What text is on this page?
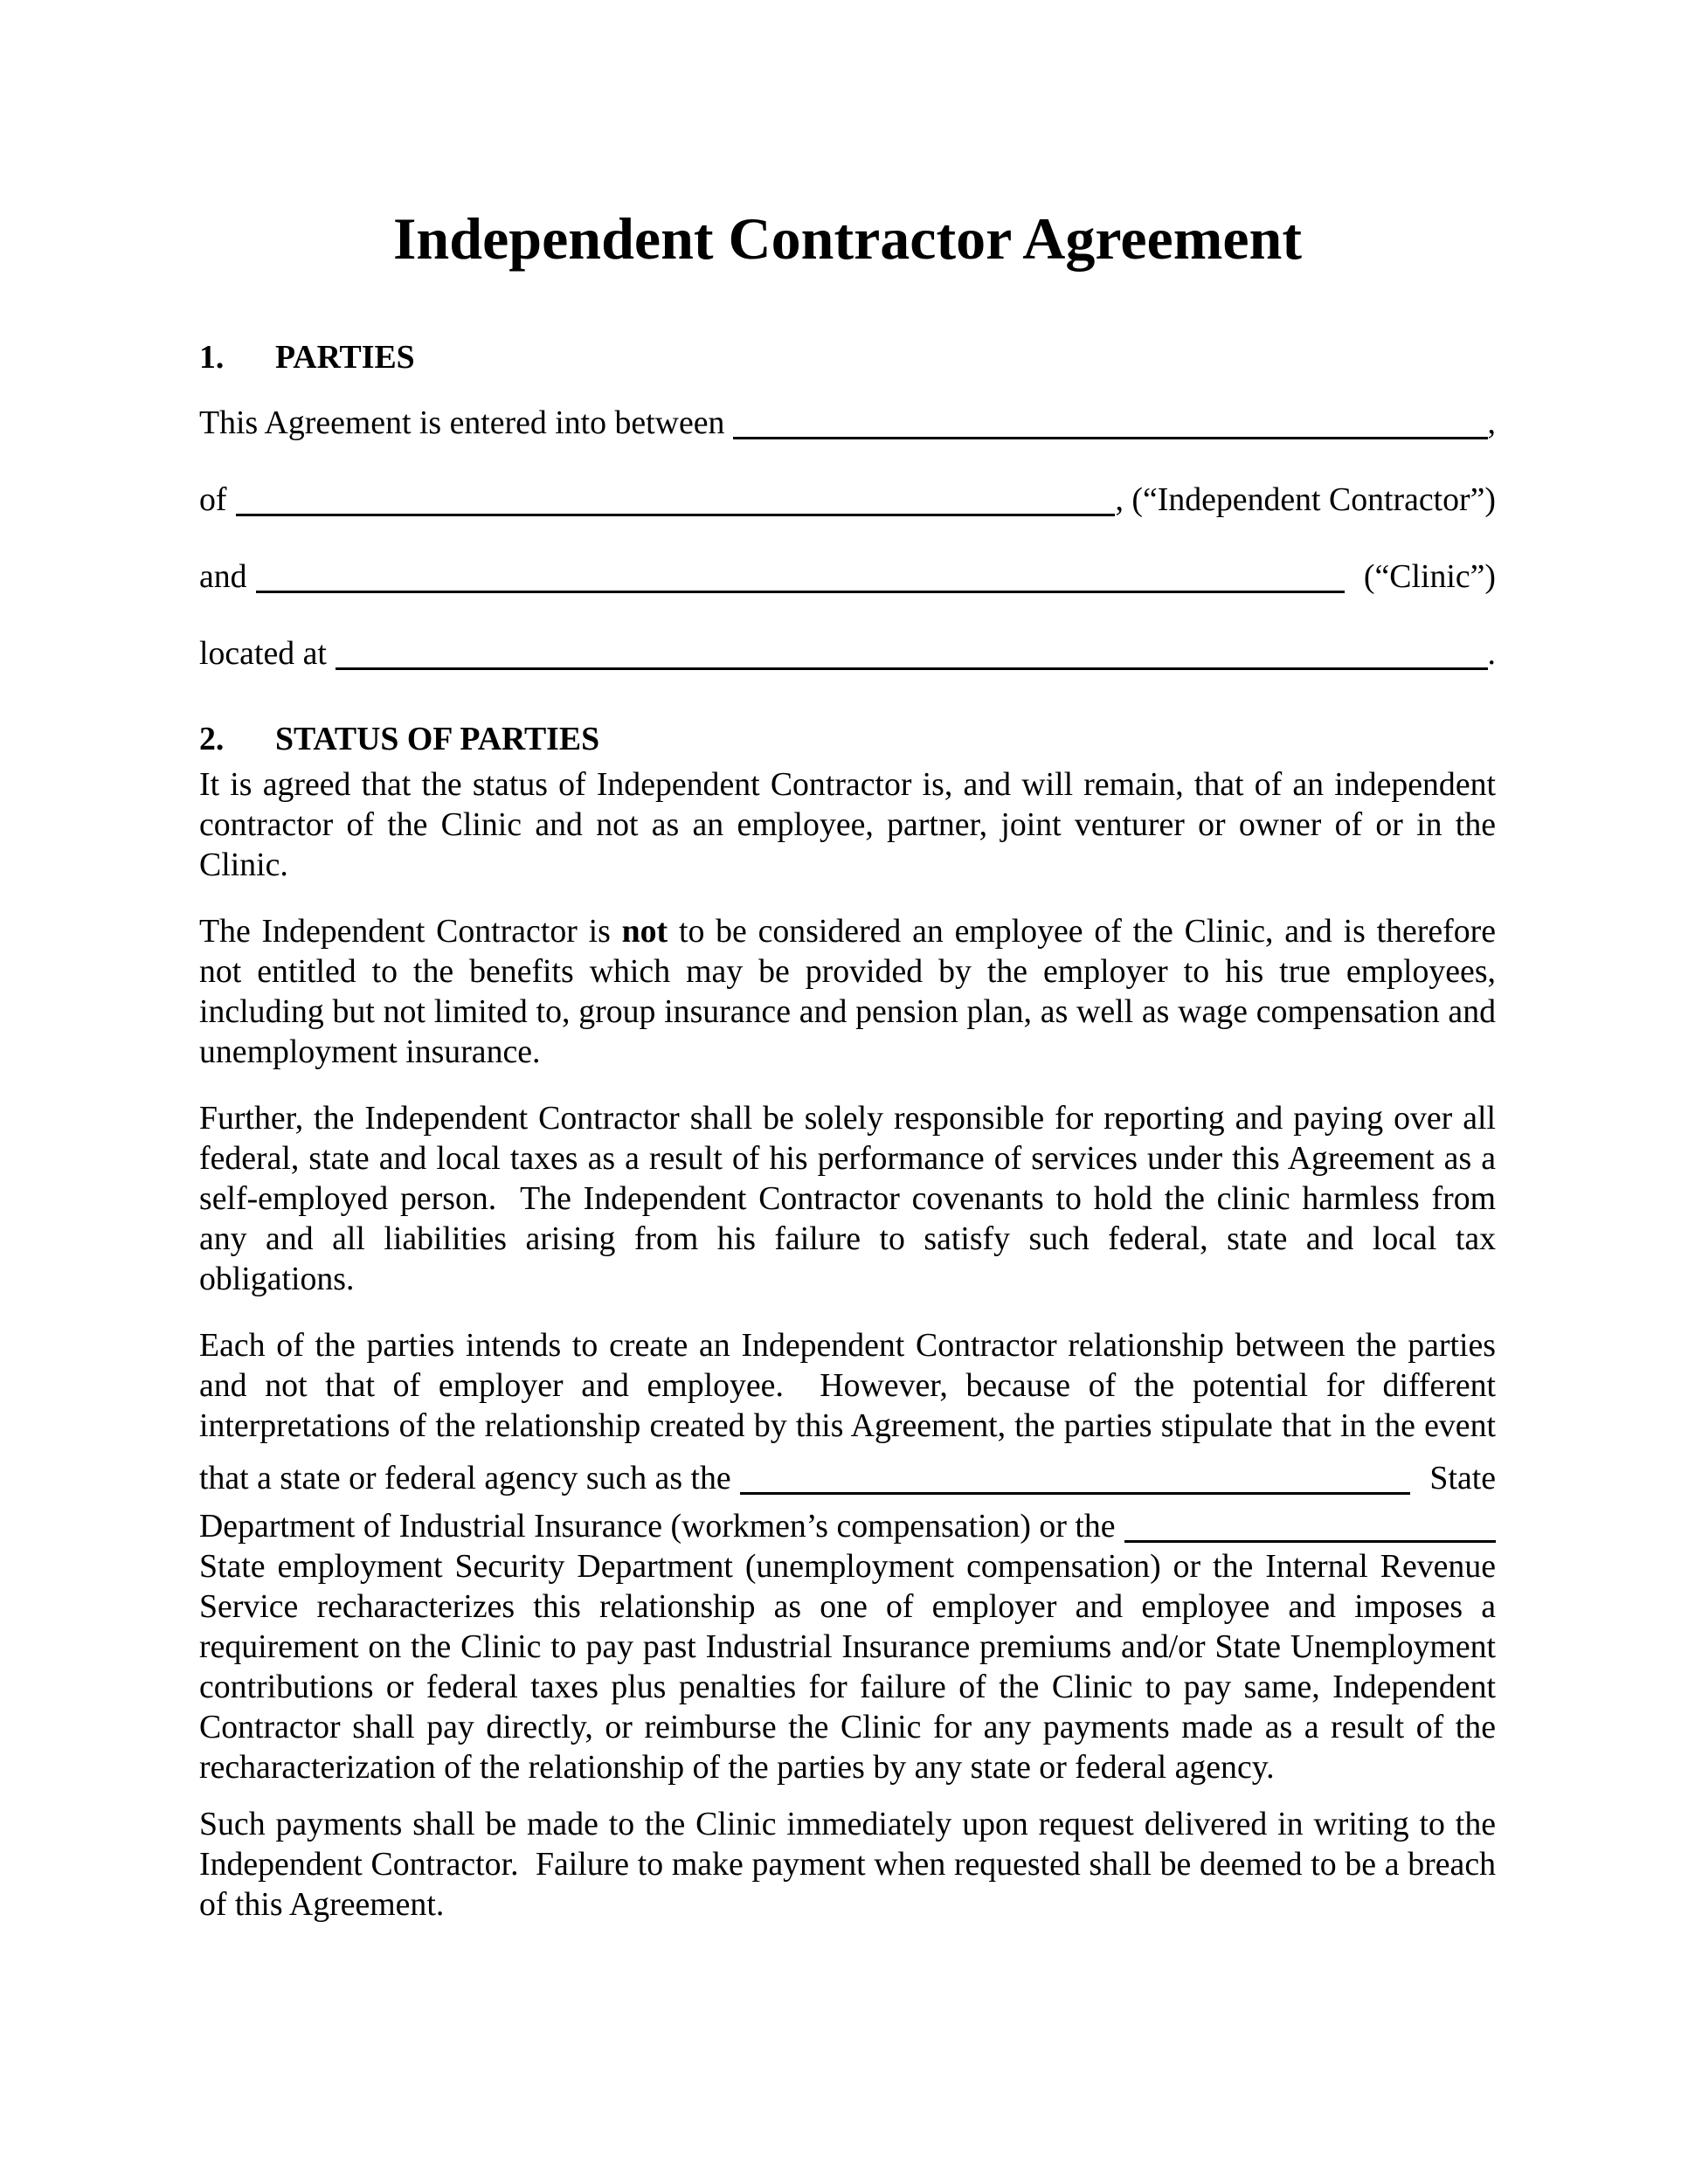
Independent Contractor Agreement
1. PARTIES
This Agreement is entered into between	,
of	, (“Independent Contractor”)
and	(“Clinic”)
located at	.
2. STATUS OF PARTIES

It is agreed that the status of Independent Contractor is, and will remain, that of an independent contractor of the Clinic and not as an employee, partner, joint venturer or owner of or in the Clinic.

The Independent Contractor is not to be considered an employee of the Clinic, and is therefore not entitled to the benefits which may be provided by the employer to his true employees, including but not limited to, group insurance and pension plan, as well as wage compensation and unemployment insurance.

Further, the Independent Contractor shall be solely responsible for reporting and paying over all federal, state and local taxes as a result of his performance of services under this Agreement as a self-employed person.  The Independent Contractor covenants to hold the clinic harmless from any and all liabilities arising from his failure to satisfy such federal, state and local tax obligations.

Each of the parties intends to create an Independent Contractor relationship between the parties and not that of employer and employee.  However, because of the potential for different interpretations of the relationship created by this Agreement, the parties stipulate that in the event

that a state or federal agency such as the	State
Department of Industrial Insurance (workmen’s compensation) or the

State employment Security Department (unemployment compensation) or the Internal Revenue Service recharacterizes this relationship as one of employer and employee and imposes a requirement on the Clinic to pay past Industrial Insurance premiums and/or State Unemployment contributions or federal taxes plus penalties for failure of the Clinic to pay same, Independent Contractor shall pay directly, or reimburse the Clinic for any payments made as a result of the recharacterization of the relationship of the parties by any state or federal agency.

Such payments shall be made to the Clinic immediately upon request delivered in writing to the Independent Contractor.  Failure to make payment when requested shall be deemed to be a breach of this Agreement.
